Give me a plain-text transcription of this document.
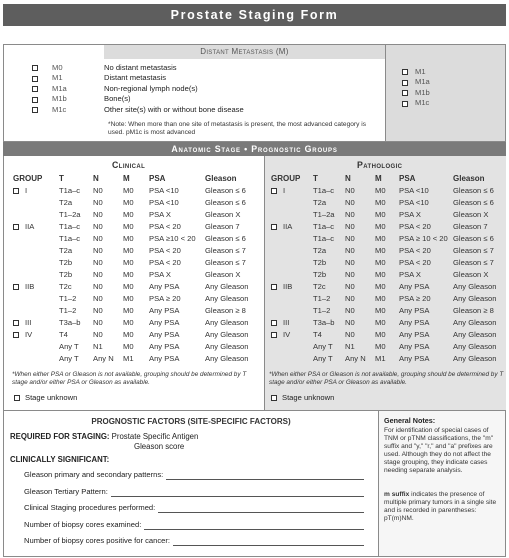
Prostate Staging Form
Distant Metastasis (M)
M0	No distant metastasis
M1	Distant metastasis
M1a	Non-regional lymph node(s)
M1b	Bone(s)
M1c	Other site(s) with or without bone disease
*Note: When more than one site of metastasis is present, the most advanced category is used. pM1c is most advanced
M1
M1a
M1b
M1c
Anatomic Stage • Prognostic Groups
Clinical
GROUP	T	N	M	PSA	Gleason

I	T1a–c	N0	M0	PSA <10	Gleason ≤ 6

	T2a	N0	M0	PSA <10	Gleason ≤ 6

	T1–2a	N0	M0	PSA X	Gleason X

IIA	T1a–c	N0	M0	PSA < 20	Gleason 7

	T1a–c	N0	M0	PSA ≥10 < 20	Gleason ≤ 6

	T2a	N0	M0	PSA < 20	Gleason ≤ 7

	T2b	N0	M0	PSA < 20	Gleason ≤ 7

	T2b	N0	M0	PSA X	Gleason X

IIB	T2c	N0	M0	Any PSA	Any Gleason

	T1–2	N0	M0	PSA ≥ 20	Any Gleason

	T1–2	N0	M0	Any PSA	Gleason ≥ 8

III	T3a–b	N0	M0	Any PSA	Any Gleason

IV	T4	N0	M0	Any PSA	Any Gleason

	Any T	N1	M0	Any PSA	Any Gleason

	Any T	Any N	M1	Any PSA	Any Gleason
*When either PSA or Gleason is not available, grouping should be determined by T stage and/or either PSA or Gleason as available.
Stage unknown
Pathologic
GROUP	T	N	M	PSA	Gleason

I	T1a–c	N0	M0	PSA <10	Gleason ≤ 6

	T2a	N0	M0	PSA <10	Gleason ≤ 6

	T1–2a	N0	M0	PSA X	Gleason X

IIA	T1a–c	N0	M0	PSA < 20	Gleason 7

	T1a–c	N0	M0	PSA ≥ 10 < 20	Gleason ≤ 6

	T2a	N0	M0	PSA < 20	Gleason ≤ 7

	T2b	N0	M0	PSA < 20	Gleason ≤ 7

	T2b	N0	M0	PSA X	Gleason X

IIB	T2c	N0	M0	Any PSA	Any Gleason

	T1–2	N0	M0	PSA ≥ 20	Any Gleason

	T1–2	N0	M0	Any PSA	Gleason ≥ 8

III	T3a–b	N0	M0	Any PSA	Any Gleason

IV	T4	N0	M0	Any PSA	Any Gleason

	Any T	N1	M0	Any PSA	Any Gleason

	Any T	Any N	M1	Any PSA	Any Gleason
*When either PSA or Gleason is not available, grouping should be determined by T stage and/or either PSA or Gleason as available.
Stage unknown
PROGNOSTIC FACTORS (SITE-SPECIFIC FACTORS)
REQUIRED FOR STAGING: Prostate Specific Antigen
Gleason score
CLINICALLY SIGNIFICANT:
Gleason primary and secondary patterns:
Gleason Tertiary Pattern:
Clinical Staging procedures performed:
Number of biopsy cores examined:
Number of biopsy cores positive for cancer:
General Notes:
For identification of special cases of TNM or pTNM classifications, the "m" suffix and "y," "r," and "a" prefixes are used. Although they do not affect the stage grouping, they indicate cases needing separate analysis.
m suffix indicates the presence of multiple primary tumors in a single site and is recorded in parentheses: pT(m)NM.
